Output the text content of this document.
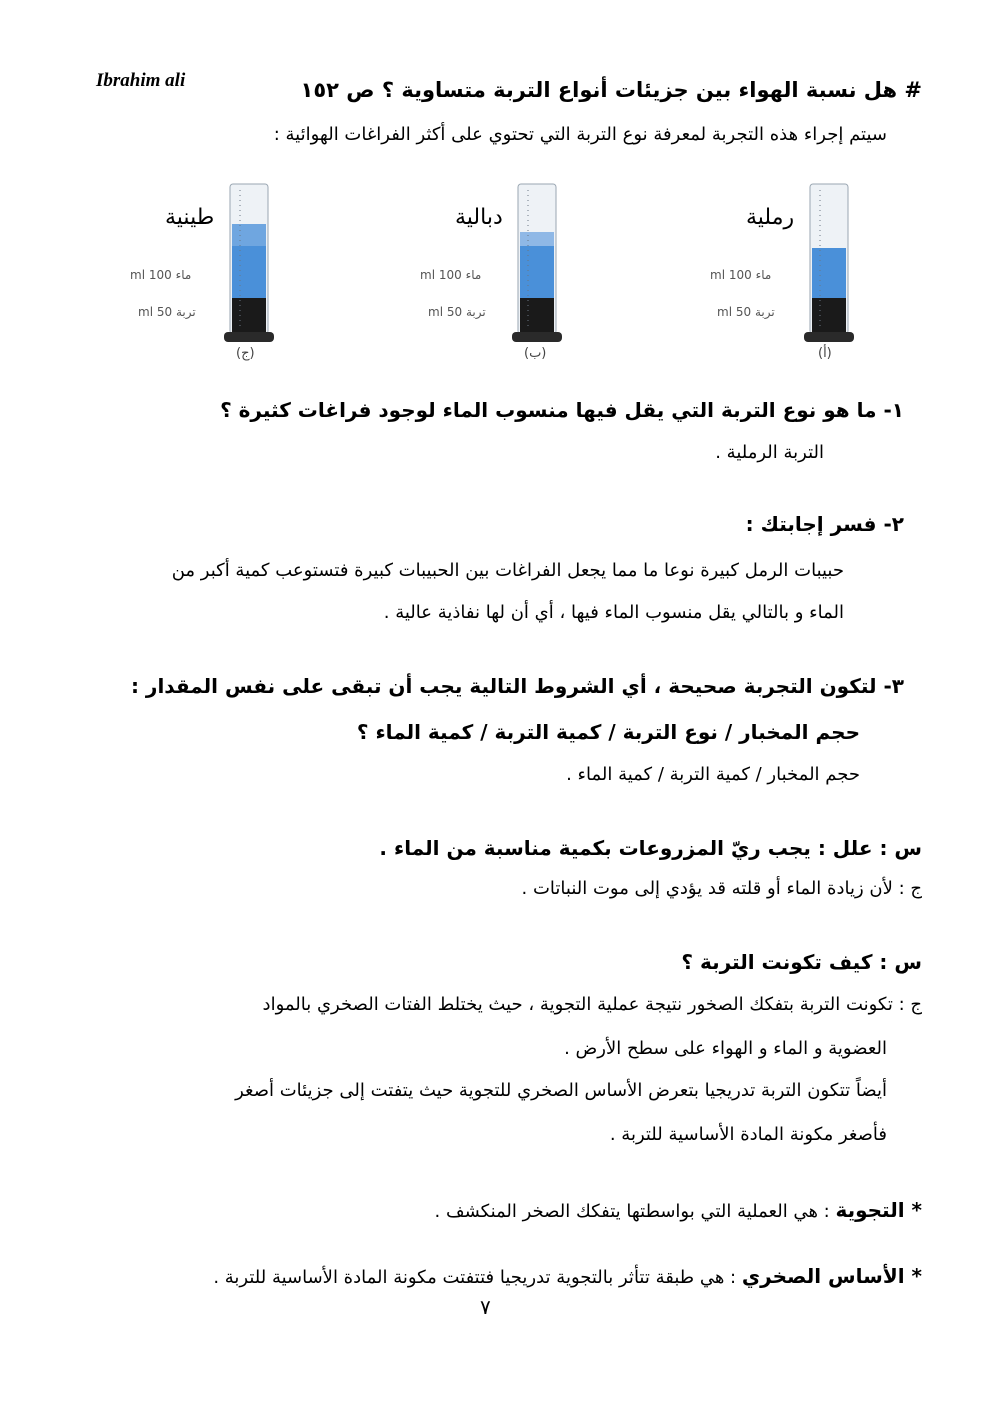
Ibrahim ali	# هل نسبة الهواء بين جزيئات أنواع التربة متساوية ؟ ص ١٥٢
سيتم إجراء هذه التجربة لمعرفة نوع التربة التي تحتوي على أكثر الفراغات الهوائية :
رملية
ماء 100 ml
تربة 50 ml
(أ)
دبالية
ماء 100 ml
تربة 50 ml
(ب)
طينية
ماء 100 ml
تربة 50 ml
(ج)
١- ما هو نوع التربة التي يقل فيها منسوب الماء لوجود فراغات كثيرة ؟
التربة الرملية .
٢- فسر إجابتك :
حبيبات الرمل كبيرة نوعا ما مما يجعل الفراغات بين الحبيبات كبيرة فتستوعب كمية أكبر من
الماء و بالتالي يقل منسوب الماء فيها ، أي أن لها نفاذية عالية .
٣- لتكون التجربة صحيحة ، أي الشروط التالية يجب أن تبقى على نفس المقدار :
حجم المخبار / نوع التربة / كمية التربة / كمية الماء ؟
حجم المخبار / كمية التربة / كمية الماء .
س : علل : يجب ريّ المزروعات بكمية مناسبة من الماء .
ج : لأن زيادة الماء أو قلته قد يؤدي إلى موت النباتات .
س : كيف تكونت التربة ؟
ج : تكونت التربة بتفكك الصخور نتيجة عملية التجوية ، حيث يختلط الفتات الصخري بالمواد
العضوية و الماء و الهواء على سطح الأرض .
أيضاً تتكون التربة تدريجيا بتعرض الأساس الصخري للتجوية حيث يتفتت إلى جزيئات أصغر
فأصغر مكونة المادة الأساسية للتربة .
* التجوية : هي العملية التي بواسطتها يتفكك الصخر المنكشف .
* الأساس الصخري : هي طبقة تتأثر بالتجوية تدريجيا فتتفتت مكونة المادة الأساسية للتربة .
٧
